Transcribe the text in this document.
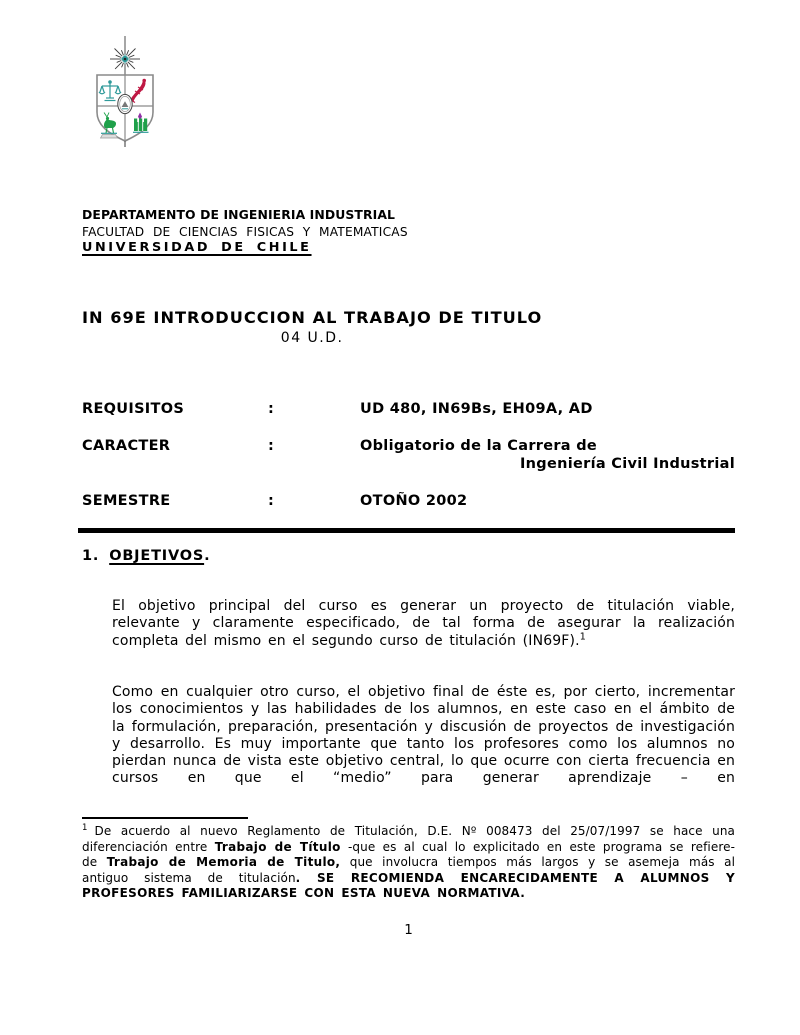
DEPARTAMENTO DE INGENIERIA INDUSTRIAL
FACULTAD DE CIENCIAS FISICAS Y MATEMATICAS
UNIVERSIDAD DE CHILE
IN 69E INTRODUCCION AL TRABAJO DE TITULO
04 U.D.
REQUISITOS	:	UD 480, IN69Bs, EH09A, AD
CARACTER	:	Obligatorio de la Carrera de
Ingeniería Civil Industrial
SEMESTRE	:	OTOÑO 2002
1. OBJETIVOS.

El objetivo principal del curso es generar un proyecto de titulación viable, relevante y claramente especificado, de tal forma de asegurar la realización completa del mismo en el segundo curso de titulación (IN69F).$^1$

Como en cualquier otro curso, el objetivo final de éste es, por cierto, incrementar los conocimientos y las habilidades de los alumnos, en este caso en el ámbito de la formulación, preparación, presentación y discusión de proyectos de investigación y desarrollo. Es muy importante que tanto los profesores como los alumnos no pierdan nunca de vista este objetivo central, lo que ocurre con cierta frecuencia en cursos en que el “medio” para generar aprendizaje – en

$^1$ De acuerdo al nuevo Reglamento de Titulación, D.E. Nº 008473 del 25/07/1997 se hace una diferenciación entre Trabajo de Título -que es al cual lo explicitado en este programa se refiere- de Trabajo de Memoria de Titulo, que involucra tiempos más largos y se asemeja más al antiguo sistema de titulación. SE RECOMIENDA ENCARECIDAMENTE A ALUMNOS Y PROFESORES FAMILIARIZARSE CON ESTA NUEVA NORMATIVA.

1
